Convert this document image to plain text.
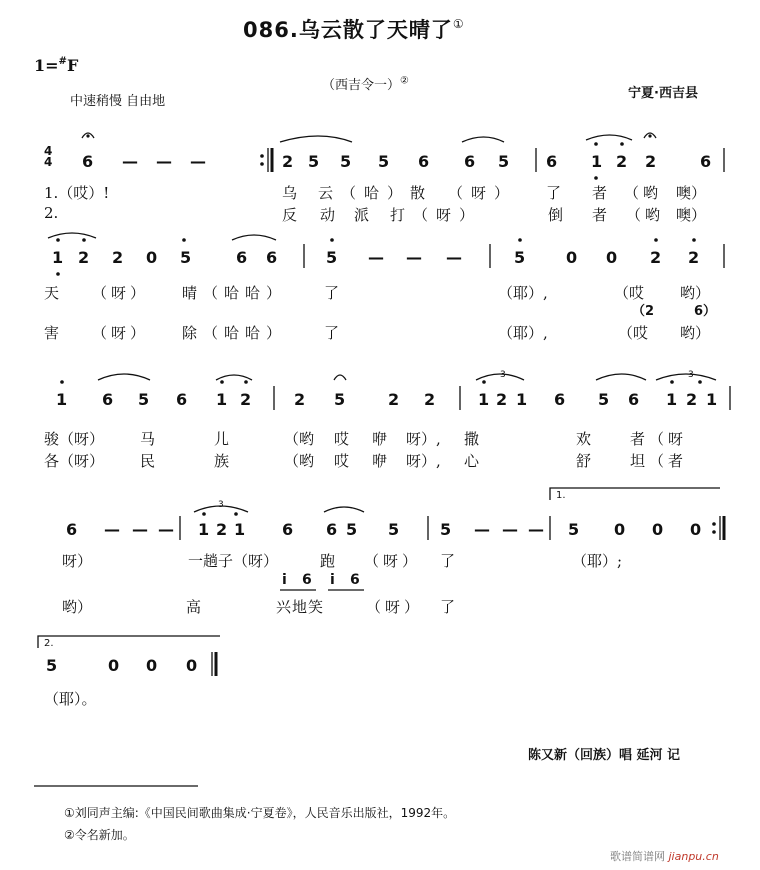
086.乌云散了天晴了①
1=#F
（西吉令一）②
中速稍慢 自由地
宁夏·西吉县
4
4 6 — — —	2 5 5 5 6 6 5 6 1 2 2	6
1.（哎）!	乌 云（哈）散 （呀） 了 者 （哟 噢）
2.	反 动 派 打（呀）	倒 者 （哟 噢）
1 2 2 0 5	6 6	5 — — —	5	0 0 2 2
天 （呀） 晴（哈哈） 了	（耶）,	（哎 哟）
（2	6）
害 （呀） 除（哈哈） 了	（耶）,	（哎 哟）
1 6 5 6 1 2	2 5	2 2	1 2 1 6 5 6 1 2 1
3	3
骏（呀） 马	儿	（哟 哎 咿 呀）, 撒	欢	者（呀
各（呀） 民	族	（哟 哎 咿 呀）, 心	舒	坦（者
6 — — — 1 2 1 6 6 5 5	5 — — — 5 0 0 0
1.
3
呀）	一趟子（呀）	跑 （呀） 了	（耶）;
i 6 i 6
哟）	高	兴地笑	（呀） 了
2.
5	0 0 0
（耶）。
陈又新（回族）唱 延河 记
①刘同声主编:《中国民间歌曲集成·宁夏卷》，人民音乐出版社，1992年。
②令名新加。
歌谱简谱网 jianpu.cn
